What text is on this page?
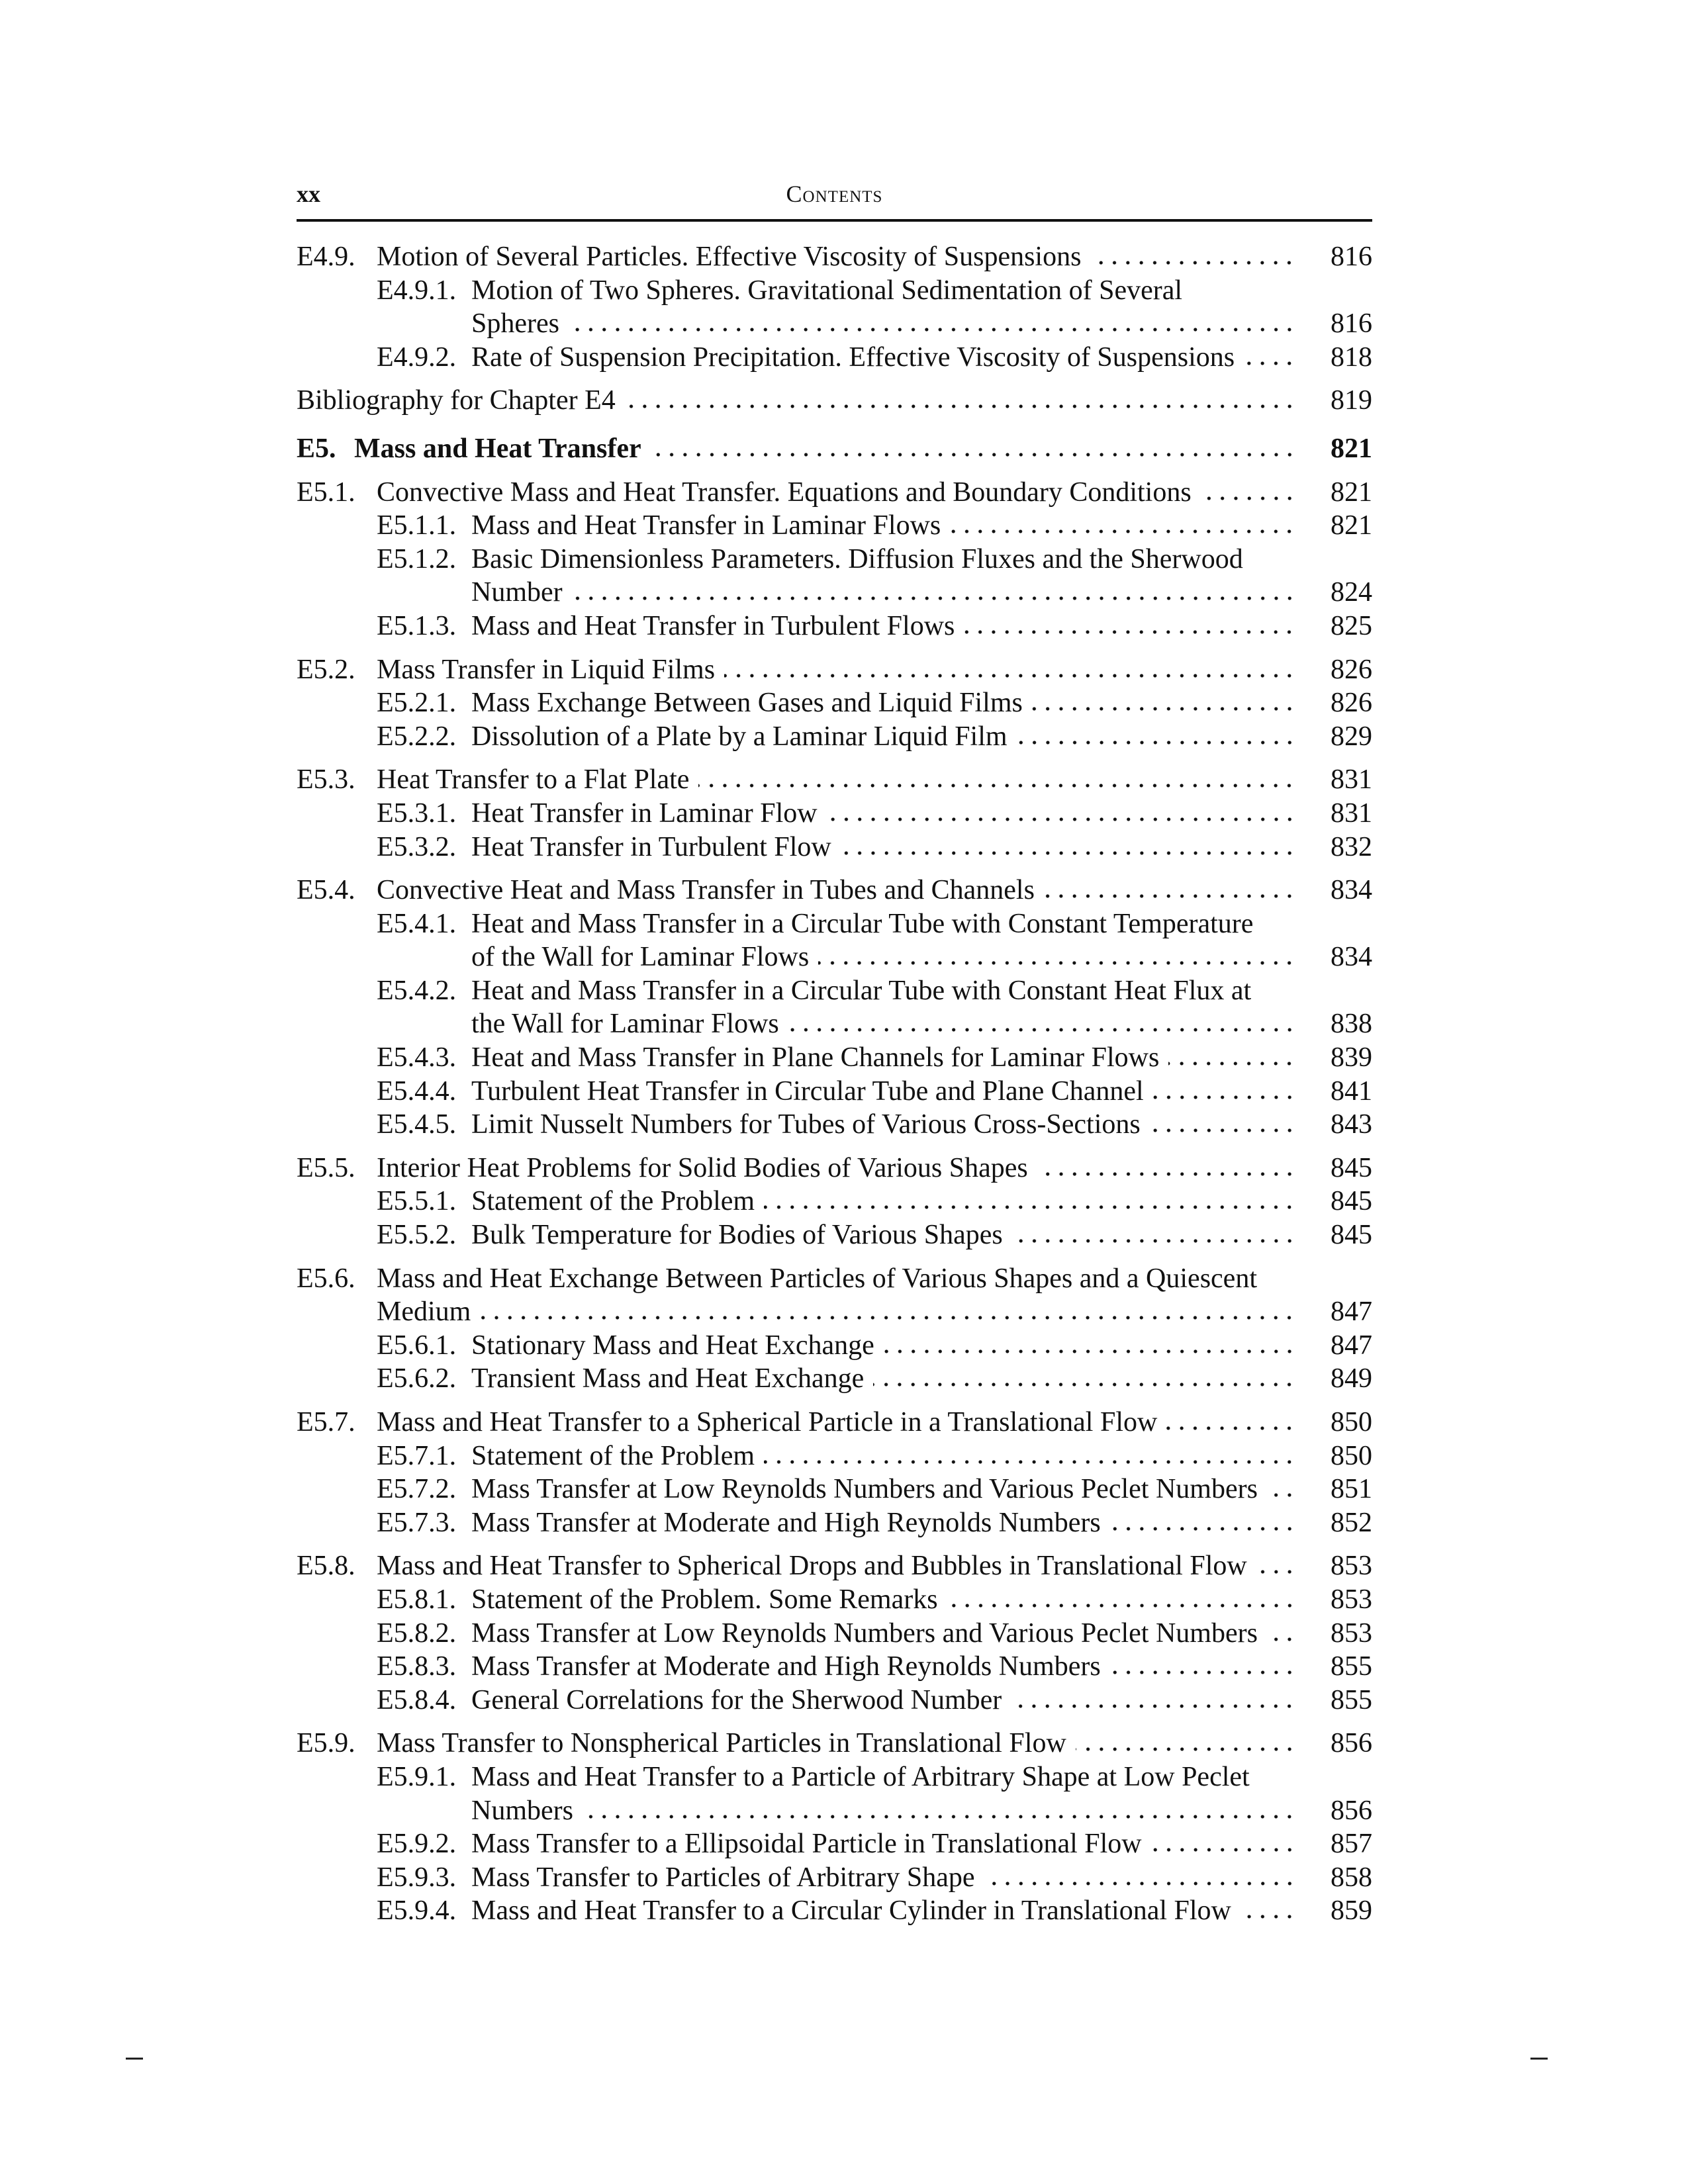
xx	Contents
E4.9. Motion of Several Particles. Effective Viscosity of Suspensions	816
E4.9.1. Motion of Two Spheres. Gravitational Sedimentation of Several
Spheres	816
E4.9.2. Rate of Suspension Precipitation. Effective Viscosity of Suspensions	818
Bibliography for Chapter E4	819
E5. Mass and Heat Transfer	821
E5.1. Convective Mass and Heat Transfer. Equations and Boundary Conditions	821
E5.1.1. Mass and Heat Transfer in Laminar Flows	821
E5.1.2. Basic Dimensionless Parameters. Diffusion Fluxes and the Sherwood
Number	824
E5.1.3. Mass and Heat Transfer in Turbulent Flows	825
E5.2. Mass Transfer in Liquid Films	826
E5.2.1. Mass Exchange Between Gases and Liquid Films	826
E5.2.2. Dissolution of a Plate by a Laminar Liquid Film	829
E5.3. Heat Transfer to a Flat Plate	831
E5.3.1. Heat Transfer in Laminar Flow	831
E5.3.2. Heat Transfer in Turbulent Flow	832
E5.4. Convective Heat and Mass Transfer in Tubes and Channels	834
E5.4.1. Heat and Mass Transfer in a Circular Tube with Constant Temperature
of the Wall for Laminar Flows	834
E5.4.2. Heat and Mass Transfer in a Circular Tube with Constant Heat Flux at
the Wall for Laminar Flows	838
E5.4.3. Heat and Mass Transfer in Plane Channels for Laminar Flows	839
E5.4.4. Turbulent Heat Transfer in Circular Tube and Plane Channel	841
E5.4.5. Limit Nusselt Numbers for Tubes of Various Cross-Sections	843
E5.5. Interior Heat Problems for Solid Bodies of Various Shapes	845
E5.5.1. Statement of the Problem	845
E5.5.2. Bulk Temperature for Bodies of Various Shapes	845
E5.6. Mass and Heat Exchange Between Particles of Various Shapes and a Quiescent
Medium	847
E5.6.1. Stationary Mass and Heat Exchange	847
E5.6.2. Transient Mass and Heat Exchange	849
E5.7. Mass and Heat Transfer to a Spherical Particle in a Translational Flow	850
E5.7.1. Statement of the Problem	850
E5.7.2. Mass Transfer at Low Reynolds Numbers and Various Peclet Numbers	851
E5.7.3. Mass Transfer at Moderate and High Reynolds Numbers	852
E5.8. Mass and Heat Transfer to Spherical Drops and Bubbles in Translational Flow	853
E5.8.1. Statement of the Problem. Some Remarks	853
E5.8.2. Mass Transfer at Low Reynolds Numbers and Various Peclet Numbers	853
E5.8.3. Mass Transfer at Moderate and High Reynolds Numbers	855
E5.8.4. General Correlations for the Sherwood Number	855
E5.9. Mass Transfer to Nonspherical Particles in Translational Flow	856
E5.9.1. Mass and Heat Transfer to a Particle of Arbitrary Shape at Low Peclet
Numbers	856
E5.9.2. Mass Transfer to a Ellipsoidal Particle in Translational Flow	857
E5.9.3. Mass Transfer to Particles of Arbitrary Shape	858
E5.9.4. Mass and Heat Transfer to a Circular Cylinder in Translational Flow	859
